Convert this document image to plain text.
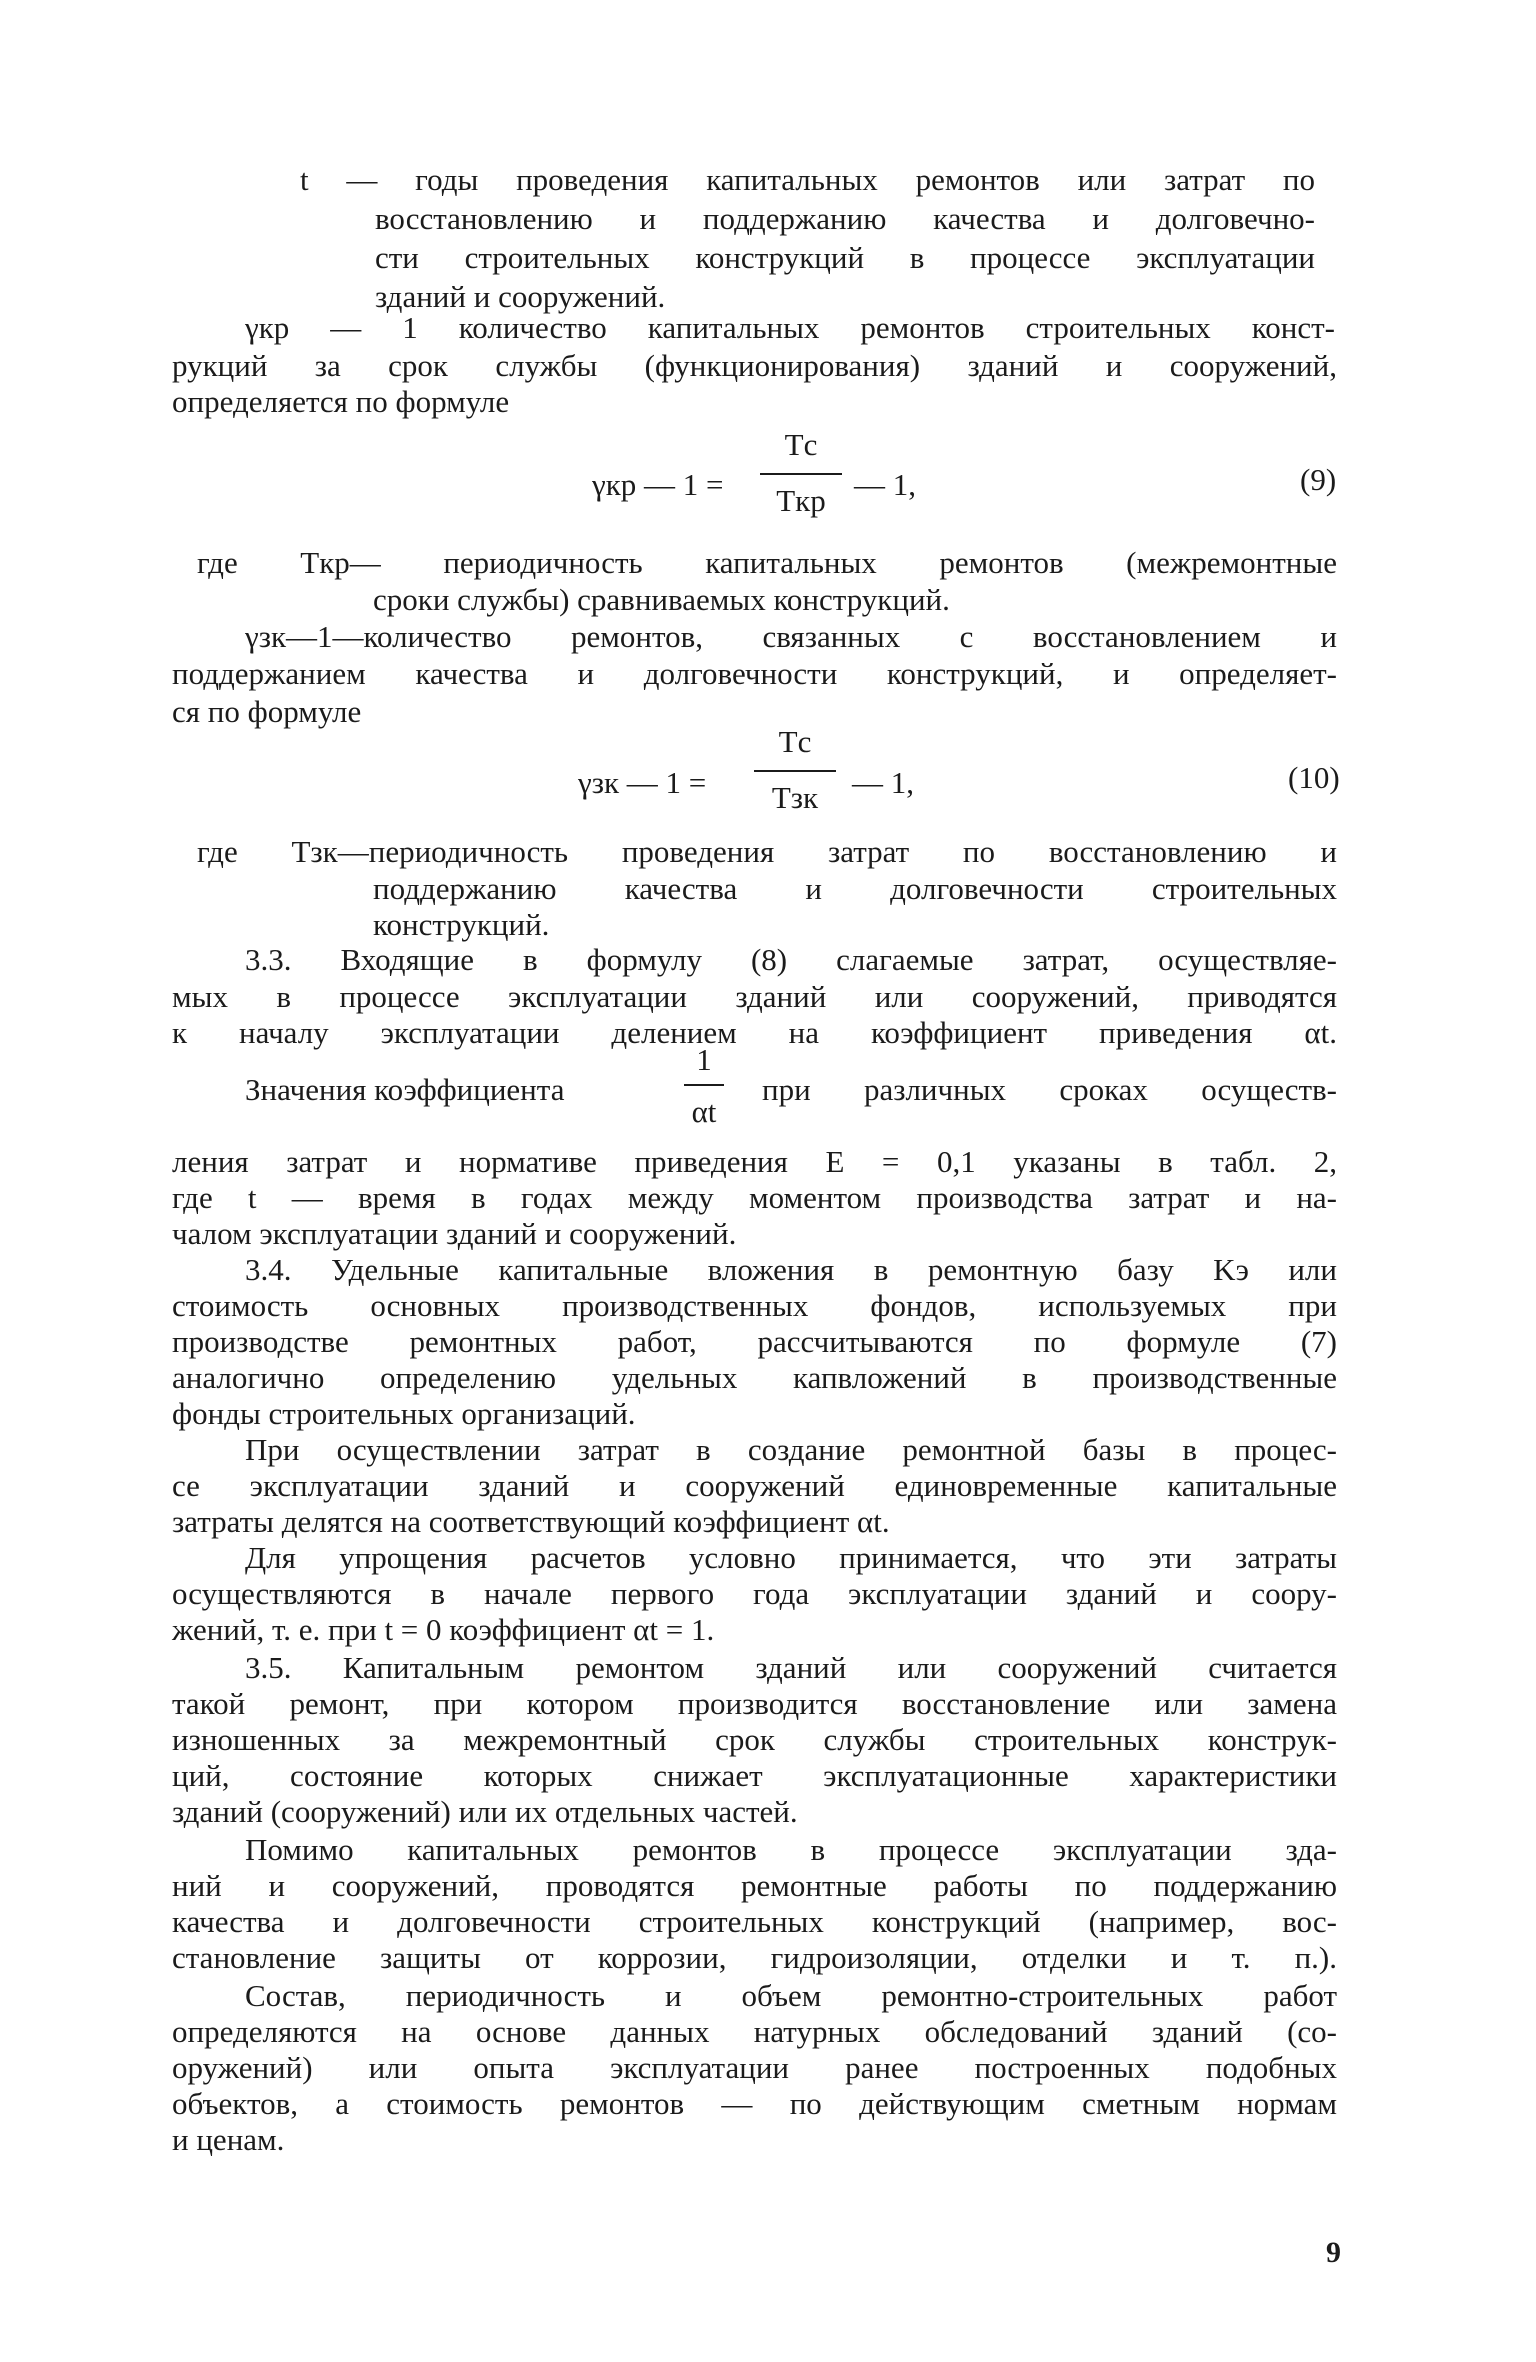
t — годы проведения капитальных ремонтов или затрат по
восстановлению и поддержанию качества и долговечно-
сти строительных конструкций в процессе эксплуатации
зданий и сооружений.
γкр — 1 количество капитальных ремонтов строительных конст-
рукций за срок службы (функционирования) зданий и сооружений,
определяется по формуле
γкр — 1 =
Tс
Tкр — 1,	(9)
где Tкр— периодичность капитальных ремонтов (межремонтные
сроки службы) сравниваемых конструкций.
γзк—1—количество ремонтов, связанных с восстановлением и
поддержанием качества и долговечности конструкций, и определяет-
ся по формуле
γзк — 1 =
Tс
Tзк	— 1,	(10)
где Tзк—периодичность проведения затрат по восстановлению и
поддержанию качества и долговечности строительных
конструкций.
3.3. Входящие в формулу (8) слагаемые затрат, осуществляе-
мых в процессе эксплуатации зданий или сооружений, приводятся
к началу эксплуатации делением на коэффициент приведения αt.
Значения коэффициента
1
αt
при различных сроках осуществ-
ления затрат и нормативе приведения E = 0,1 указаны в табл. 2,
где t — время в годах между моментом производства затрат и на-
чалом эксплуатации зданий и сооружений.
3.4. Удельные капитальные вложения в ремонтную базу Kэ или
стоимость основных производственных фондов, используемых при
производстве ремонтных работ, рассчитываются по формуле (7)
аналогично определению удельных капвложений в производственные
фонды строительных организаций.
При осуществлении затрат в создание ремонтной базы в процес-
се эксплуатации зданий и сооружений единовременные капитальные
затраты делятся на соответствующий коэффициент αt.
Для упрощения расчетов условно принимается, что эти затраты
осуществляются в начале первого года эксплуатации зданий и соору-
жений, т. е. при t = 0 коэффициент αt = 1.
3.5. Капитальным ремонтом зданий или сооружений считается
такой ремонт, при котором производится восстановление или замена
изношенных за межремонтный срок службы строительных конструк-
ций, состояние которых снижает эксплуатационные характеристики
зданий (сооружений) или их отдельных частей.
Помимо капитальных ремонтов в процессе эксплуатации зда-
ний и сооружений, проводятся ремонтные работы по поддержанию
качества и долговечности строительных конструкций (например, вос-
становление защиты от коррозии, гидроизоляции, отделки и т. п.).
Состав, периодичность и объем ремонтно-строительных работ
определяются на основе данных натурных обследований зданий (со-
оружений) или опыта эксплуатации ранее построенных подобных
объектов, а стоимость ремонтов — по действующим сметным нормам
и ценам.
9
